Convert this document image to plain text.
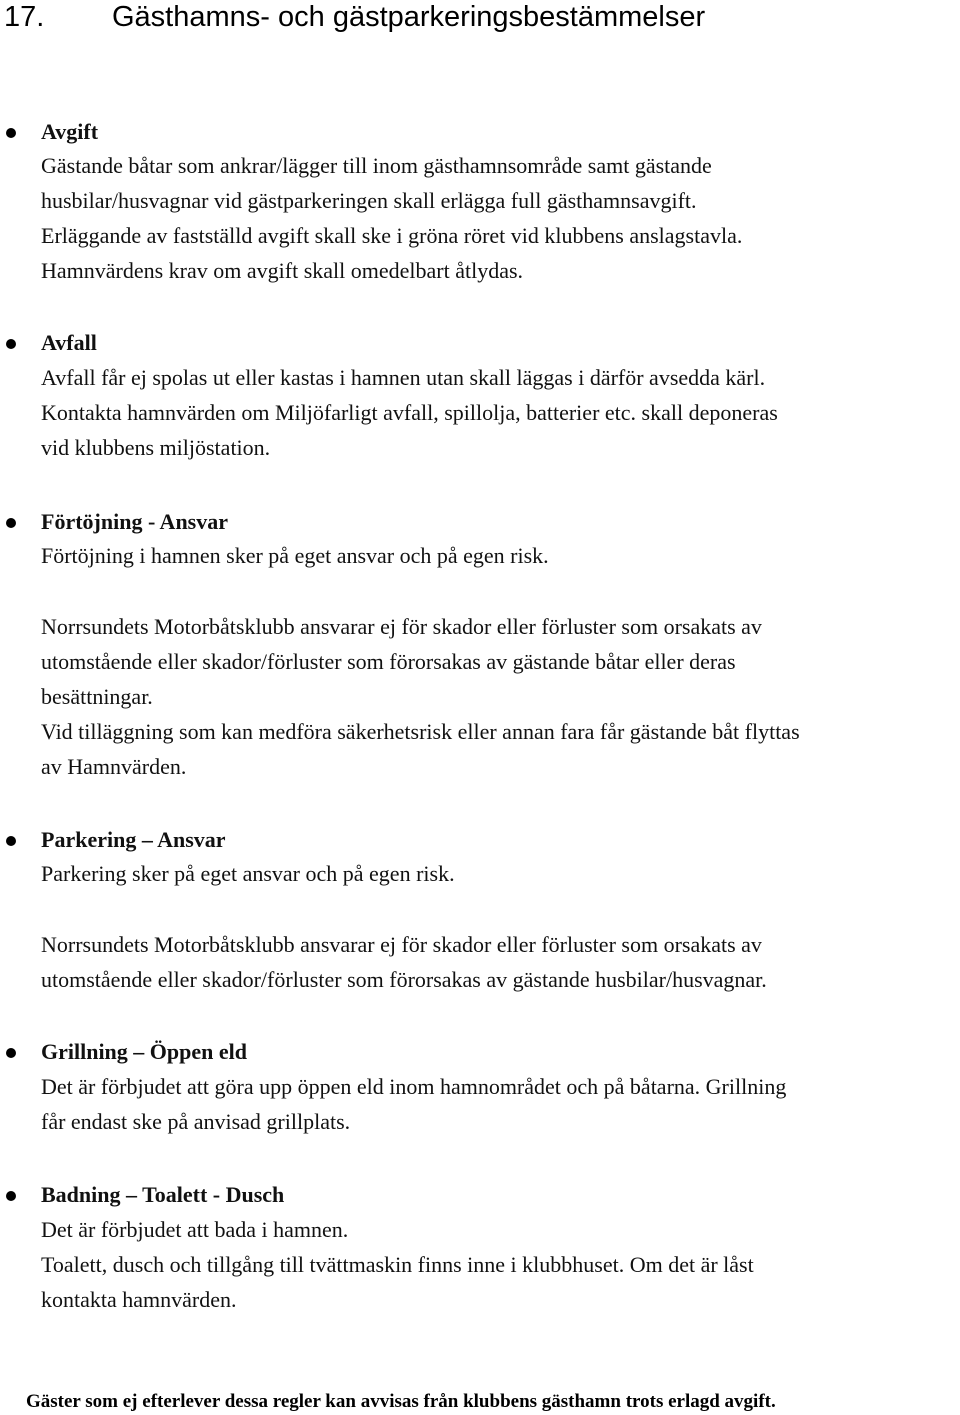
17. Gästhamns- och gästparkeringsbestämmelser
Avgift
Gästande båtar som ankrar/lägger till inom gästhamnsområde samt gästande
husbilar/husvagnar vid gästparkeringen skall erlägga full gästhamnsavgift.
Erläggande av fastställd avgift skall ske i gröna röret vid klubbens anslagstavla.
Hamnvärdens krav om avgift skall omedelbart åtlydas.
Avfall
Avfall får ej spolas ut eller kastas i hamnen utan skall läggas i därför avsedda kärl.
Kontakta hamnvärden om Miljöfarligt avfall, spillolja, batterier etc. skall deponeras
vid klubbens miljöstation.
Förtöjning - Ansvar
Förtöjning i hamnen sker på eget ansvar och på egen risk.
Norrsundets Motorbåtsklubb ansvarar ej för skador eller förluster som orsakats av
utomstående eller skador/förluster som förorsakas av gästande båtar eller deras
besättningar.
Vid tilläggning som kan medföra säkerhetsrisk eller annan fara får gästande båt flyttas
av Hamnvärden.
Parkering – Ansvar
Parkering sker på eget ansvar och på egen risk.
Norrsundets Motorbåtsklubb ansvarar ej för skador eller förluster som orsakats av
utomstående eller skador/förluster som förorsakas av gästande husbilar/husvagnar.
Grillning – Öppen eld
Det är förbjudet att göra upp öppen eld inom hamnområdet och på båtarna. Grillning
får endast ske på anvisad grillplats.
Badning – Toalett - Dusch
Det är förbjudet att bada i hamnen.
Toalett, dusch och tillgång till tvättmaskin finns inne i klubbhuset. Om det är låst
kontakta hamnvärden.
Gäster som ej efterlever dessa regler kan avvisas från klubbens gästhamn trots erlagd avgift.
